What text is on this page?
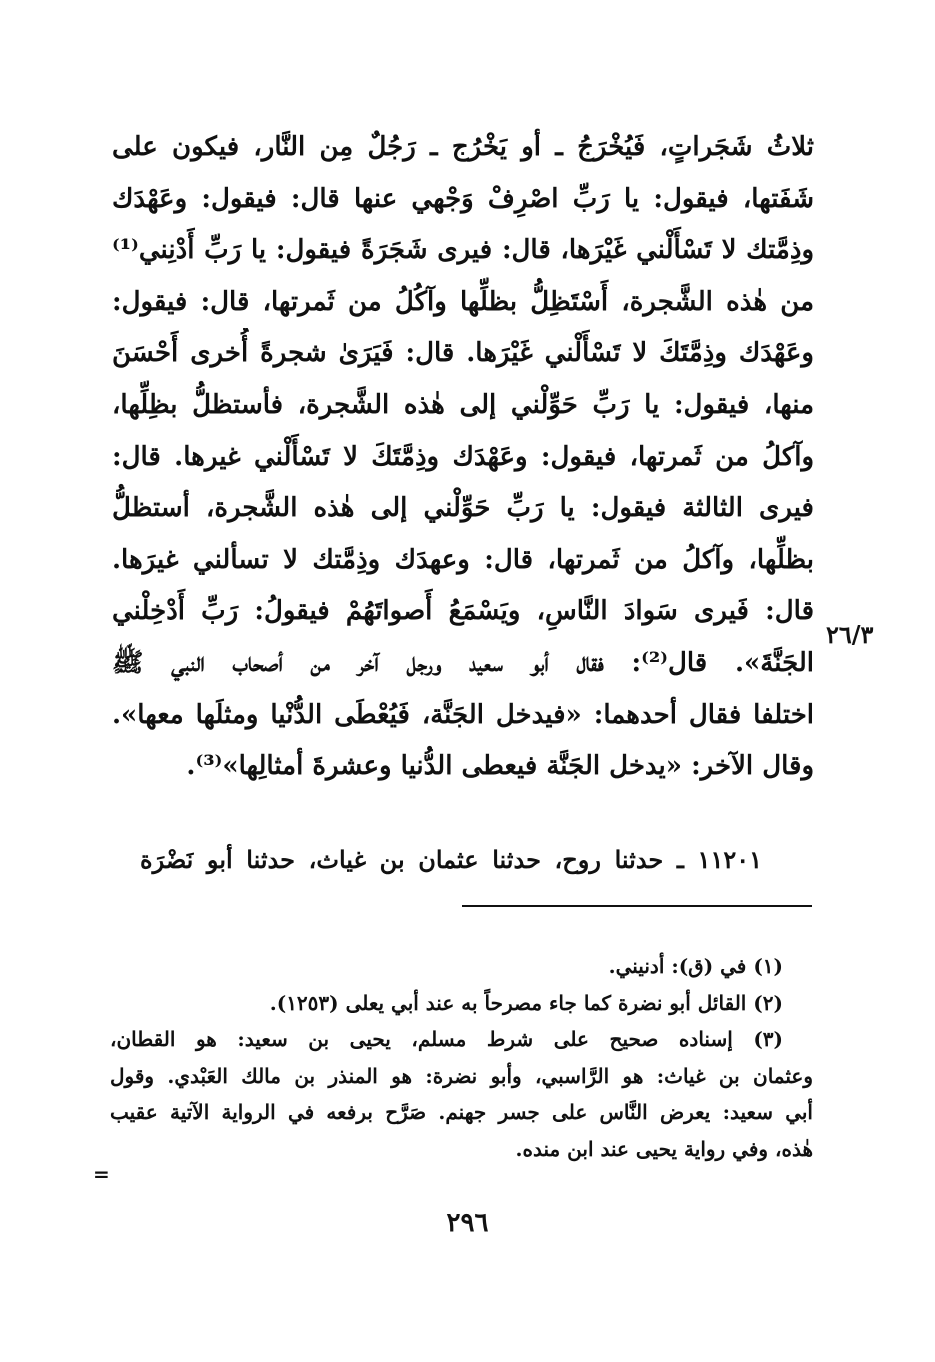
ثلاثُ شَجَراتٍ، فَيُخْرَجُ ـ أو يَخْرُج ـ رَجُلٌ مِن النَّار، فيكون على
شَفَتها، فيقول: يا رَبِّ اصْرِفْ وَجْهي عنها قال: فيقول: وعَهْدَك
وذِمَّتك لا تَسْأَلْني غَيْرَها، قال: فيرى شَجَرَةً فيقول: يا رَبِّ أَدْنِني⁽¹⁾
من هٰذه الشَّجرة، أَسْتَظِلُّ بظلِّها وآكُلُ من ثَمرتها، قال: فيقول:
وعَهْدَك وذِمَّتَكَ لا تَسْأَلْني غَيْرَها. قال: فَيَرَىٰ شجرةً أُخرى أَحْسَنَ
منها، فيقول: يا رَبِّ حَوِّلْني إلى هٰذه الشَّجرة، فأستظلُّ بظِلِّها،
وآكلُ من ثَمرتها، فيقول: وعَهْدَك وذِمَّتَكَ لا تَسْأَلْني غيرها. قال:
فيرى الثالثة فيقول: يا رَبِّ حَوِّلْني إلى هٰذه الشَّجرة، أستظلُّ
بظلِّها، وآكلُ من ثَمرتها، قال: وعهدَك وذِمَّتك لا تسألني غيرَها.
قال: فَيرى سَوادَ النَّاسِ، ويَسْمَعُ أَصواتَهُمْ فيقولُ: رَبِّ أَدْخِلْني
الجَنَّةَ». قال⁽²⁾: فقال أبو سعيد ورجل آخر من أصحاب النبي ﷺ
اختلفا فقال أحدهما: «فيدخل الجَنَّة، فَيُعْطَى الدُّنْيا ومثلَها معها».
وقال الآخر: «يدخل الجَنَّة فيعطى الدُّنيا وعشرةَ أمثالِها»⁽³⁾.
٢٦/٣
١١٢٠١ ـ حدثنا روح، حدثنا عثمان بن غياث، حدثنا أبو نَضْرَة
(١) في (ق): أدنيني.
(٢) القائل أبو نضرة كما جاء مصرحاً به عند أبي يعلى (١٢٥٣).
(٣) إسناده صحيح على شرط مسلم، يحيى بن سعيد: هو القطان،
وعثمان بن غياث: هو الرَّاسبي، وأبو نضرة: هو المنذر بن مالك العَبْدي. وقول
أبي سعيد: يعرض النَّاس على جسر جهنم. صَرَّح برفعه في الرواية الآتية عقيب
هٰذه، وفي رواية يحيى عند ابن منده.
=
٢٩٦
